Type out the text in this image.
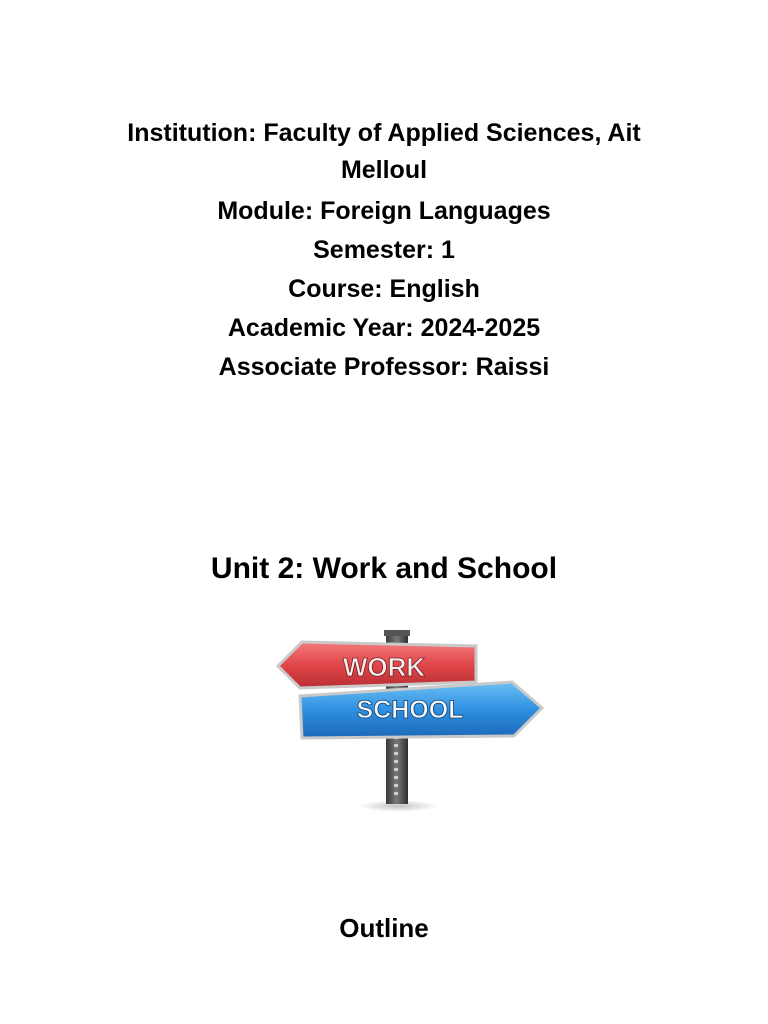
Institution: Faculty of Applied Sciences, Ait
Melloul
Module: Foreign Languages
Semester: 1
Course: English
Academic Year: 2024-2025
Associate Professor: Raissi
Unit 2: Work and School
WORK
SCHOOL
Outline
